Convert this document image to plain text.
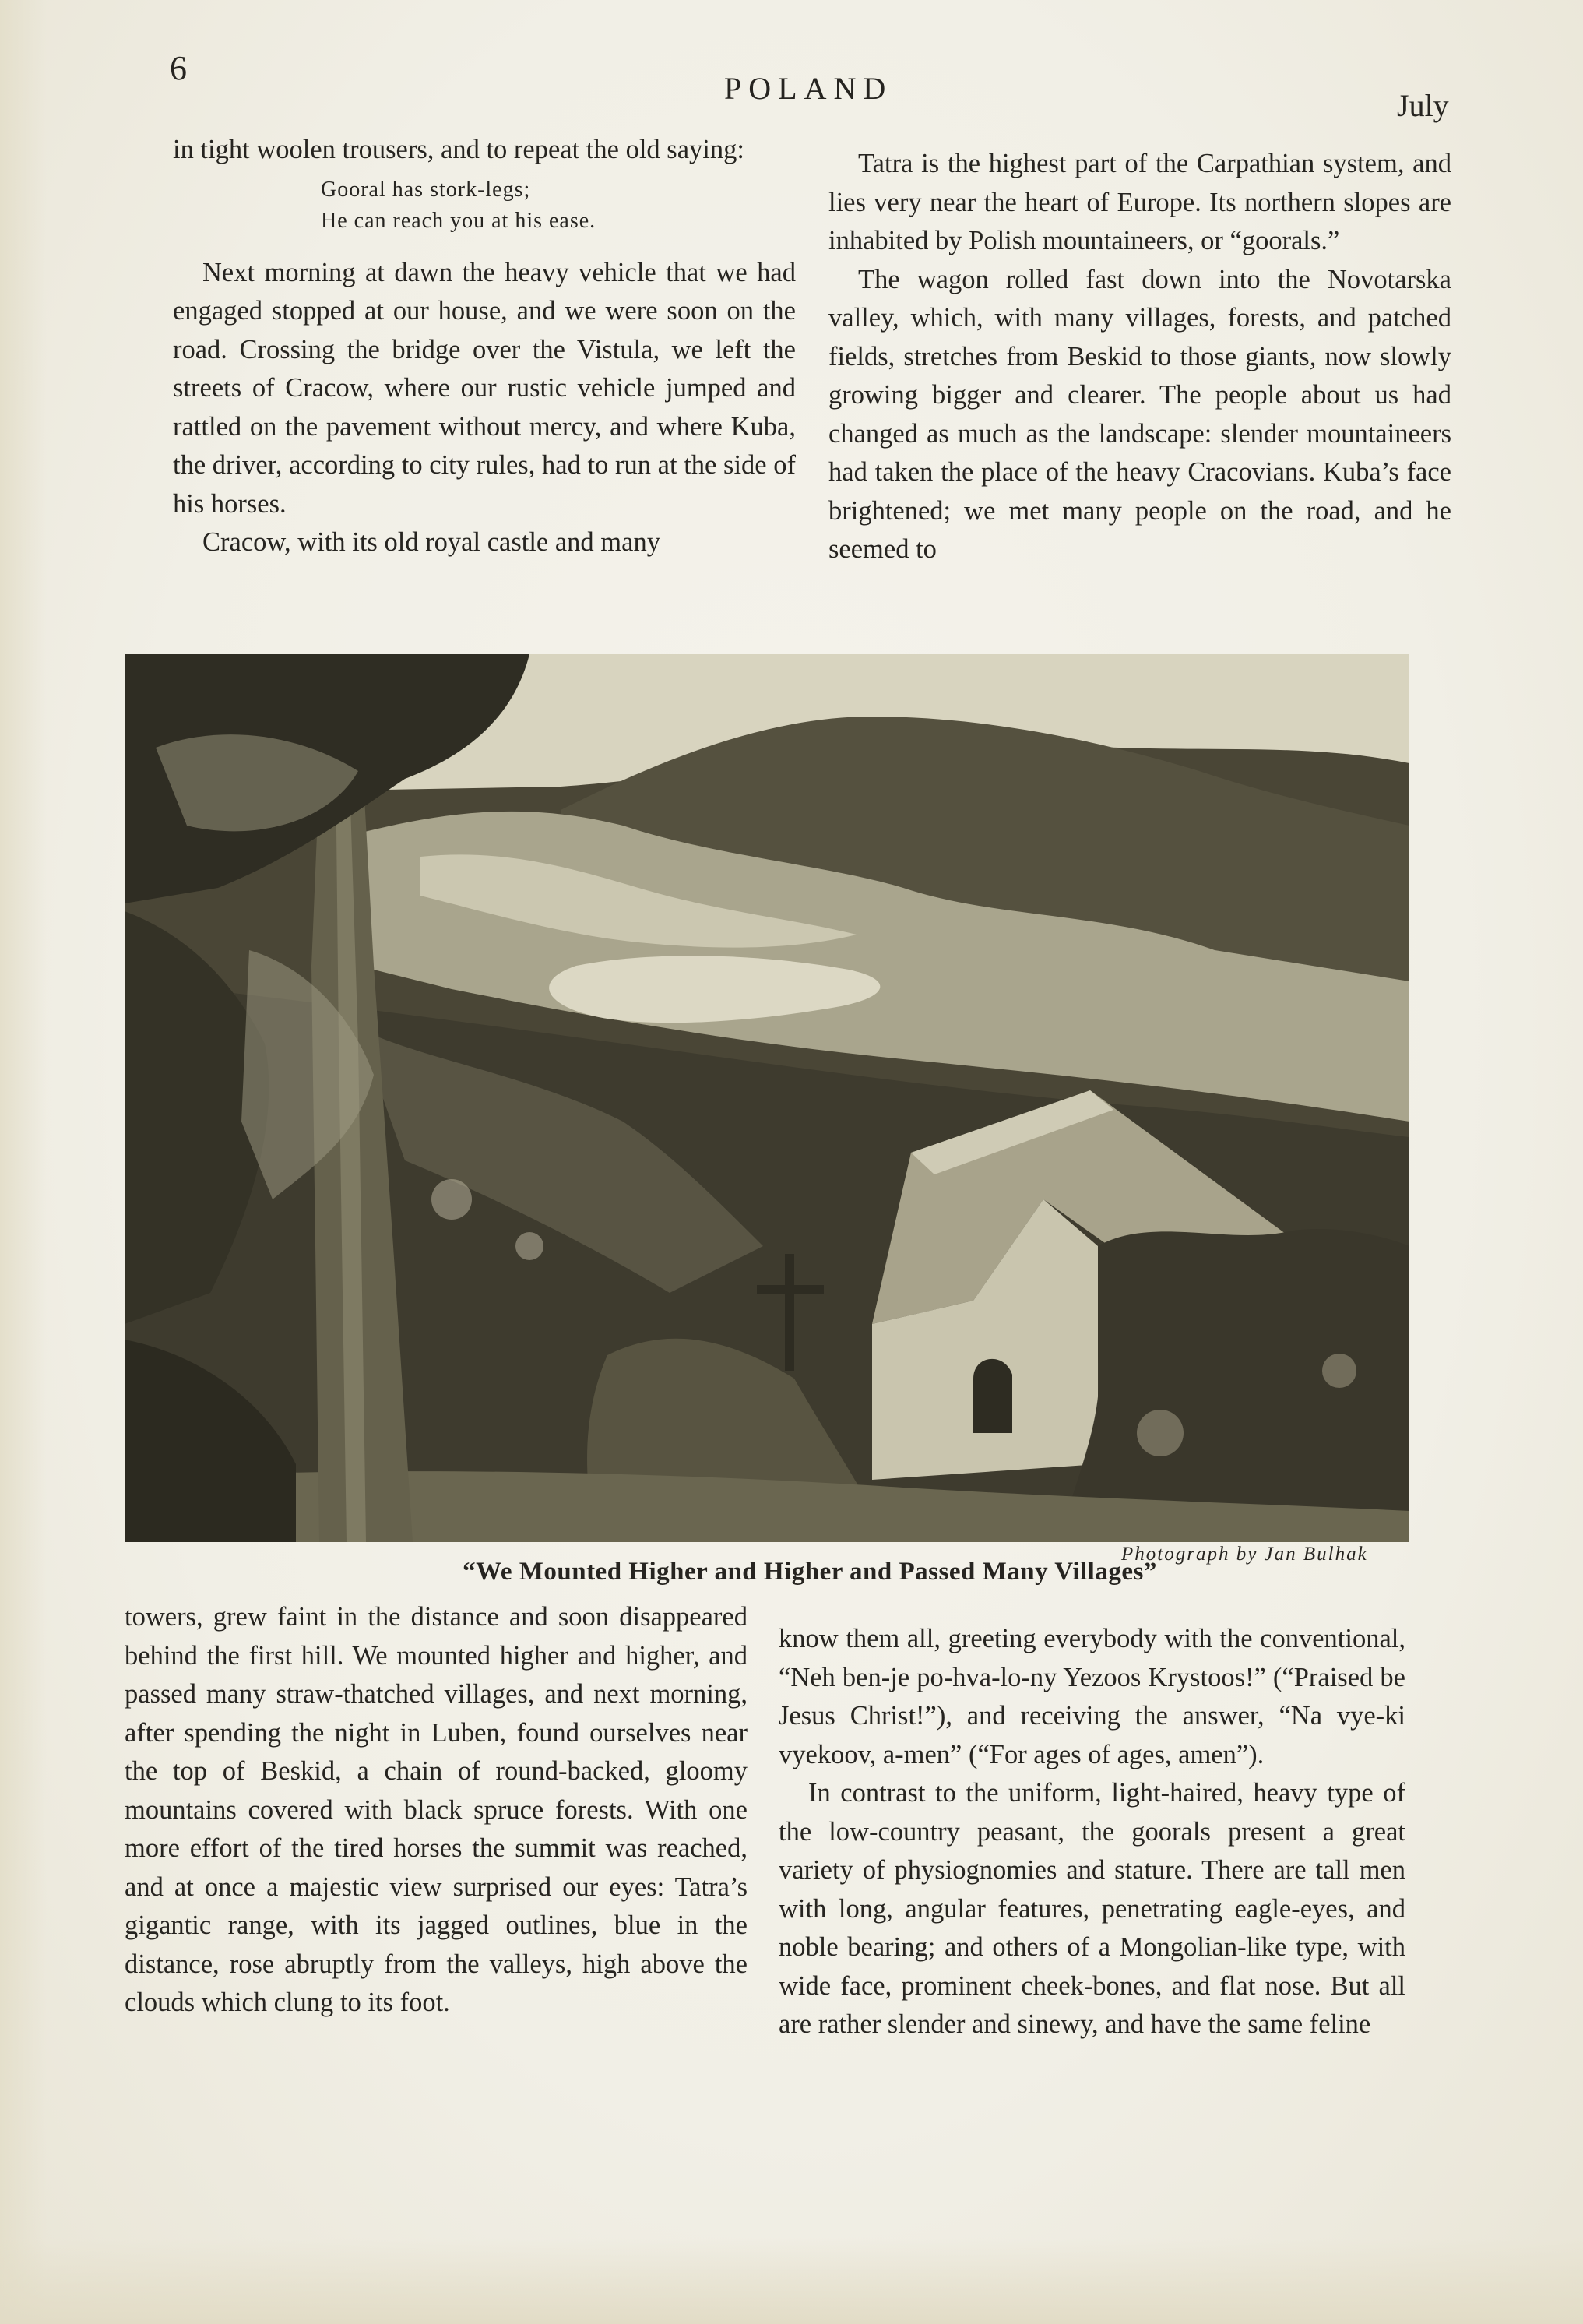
6
POLAND	July

in tight woolen trousers, and to repeat the old saying:

Gooral has stork-legs;
He can reach you at his ease.

Next morning at dawn the heavy vehicle that we had engaged stopped at our house, and we were soon on the road. Crossing the bridge over the Vistula, we left the streets of Cracow, where our rustic vehicle jumped and rattled on the pavement without mercy, and where Kuba, the driver, according to city rules, had to run at the side of his horses.

Cracow, with its old royal castle and many

Tatra is the highest part of the Carpathian system, and lies very near the heart of Europe. Its northern slopes are inhabited by Polish mountaineers, or “goorals.”

The wagon rolled fast down into the Novotarska valley, which, with many villages, forests, and patched fields, stretches from Beskid to those giants, now slowly growing bigger and clearer. The people about us had changed as much as the landscape: slender mountaineers had taken the place of the heavy Cracovians. Kuba’s face brightened; we met many people on the road, and he seemed to

Photograph by Jan Bulhak
“We Mounted Higher and Higher and Passed Many Villages”

towers, grew faint in the distance and soon disappeared behind the first hill. We mounted higher and higher, and passed many straw-thatched villages, and next morning, after spending the night in Luben, found ourselves near the top of Beskid, a chain of round-backed, gloomy mountains covered with black spruce forests. With one more effort of the tired horses the summit was reached, and at once a majestic view surprised our eyes: Tatra’s gigantic range, with its jagged outlines, blue in the distance, rose abruptly from the valleys, high above the clouds which clung to its foot.

know them all, greeting everybody with the conventional, “Neh ben-je po-hva-lo-ny Yezoos Krystoos!” (“Praised be Jesus Christ!”), and receiving the answer, “Na vye-ki vyekoov, a-men” (“For ages of ages, amen”).

In contrast to the uniform, light-haired, heavy type of the low-country peasant, the goorals present a great variety of physiognomies and stature. There are tall men with long, angular features, penetrating eagle-eyes, and noble bearing; and others of a Mongolian-like type, with wide face, prominent cheek-bones, and flat nose. But all are rather slender and sinewy, and have the same feline
